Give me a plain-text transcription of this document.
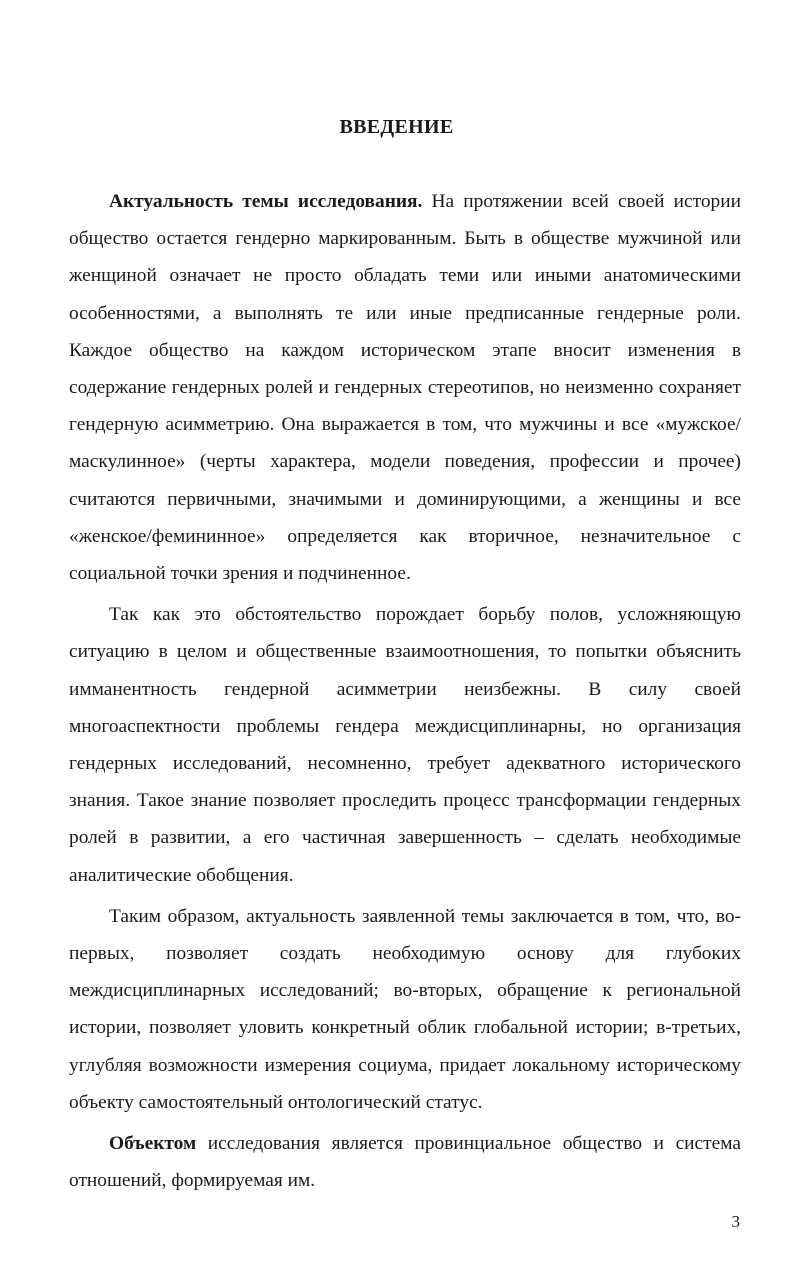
ВВЕДЕНИЕ

Актуальность темы исследования. На протяжении всей своей истории общество остается гендерно маркированным. Быть в обществе мужчиной или женщиной означает не просто обладать теми или иными анатомическими особенностями, а выполнять те или иные предписанные гендерные роли. Каждое общество на каждом историческом этапе вносит изменения в содержание гендерных ролей и гендерных стереотипов, но неизменно сохраняет гендерную асимметрию. Она выражается в том, что мужчины и все «мужское/маскулинное» (черты характера, модели поведения, профессии и прочее) считаются первичными, значимыми и доминирующими, а женщины и все «женское/фемининное» определяется как вторичное, незначительное с социальной точки зрения и подчиненное.

Так как это обстоятельство порождает борьбу полов, усложняющую ситуацию в целом и общественные взаимоотношения, то попытки объяснить имманентность гендерной асимметрии неизбежны. В силу своей многоаспектности проблемы гендера междисциплинарны, но организация гендерных исследований, несомненно, требует адекватного исторического знания. Такое знание позволяет проследить процесс трансформации гендерных ролей в развитии, а его частичная завершенность – сделать необходимые аналитические обобщения.

Таким образом, актуальность заявленной темы заключается в том, что, во-первых, позволяет создать необходимую основу для глубоких междисциплинарных исследований; во-вторых, обращение к региональной истории, позволяет уловить конкретный облик глобальной истории; в-третьих, углубляя возможности измерения социума, придает локальному историческому объекту самостоятельный онтологический статус.

Объектом исследования является провинциальное общество и система отношений, формируемая им.

3
